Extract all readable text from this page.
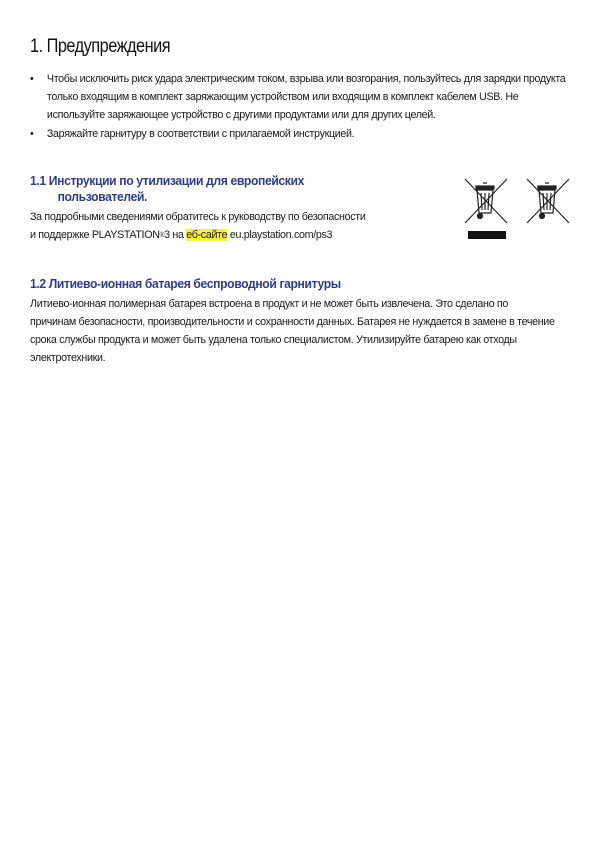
1. Предупреждения
• Чтобы исключить риск удара электрическим током, взрыва или возгорания, пользуйтесь для зарядки продукта только входящим в комплект заряжающим устройством или входящим в комплект кабелем USB. Не используйте заряжающее устройство с другими продуктами или для других целей.
• Заряжайте гарнитуру в соответствии с прилагаемой инструкцией.
1.1 Инструкции по утилизации для европейских
пользователей.

За подробными сведениями обратитесь к руководству по безопасности
и поддержке PLAYSTATION®3 на еб-сайте eu.playstation.com/ps3

1.2 Литиево-ионная батарея беспроводной гарнитуры

Литиево-ионная полимерная батарея встроена в продукт и не может быть извлечена. Это сделано по причинам безопасности, производительности и сохранности данных. Батарея не нуждается в замене в течение срока службы продукта и может быть удалена только специалистом. Утилизируйте батарею как отходы электротехники.
